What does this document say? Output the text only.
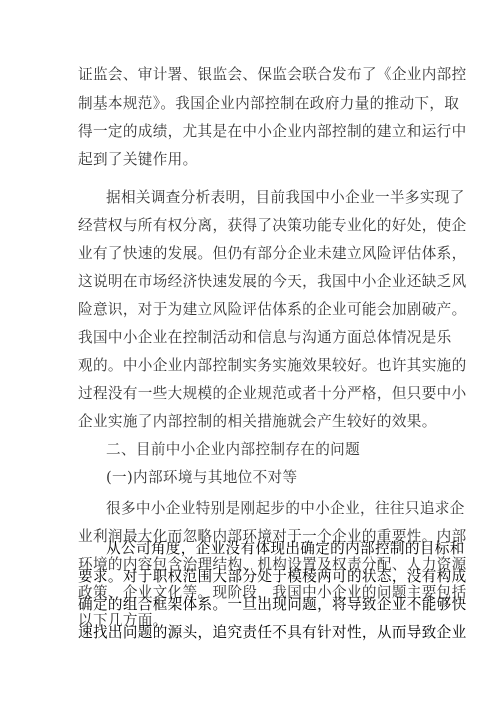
证监会、审计署、银监会、保监会联合发布了《企业内部控
制基本规范》。我国企业内部控制在政府力量的推动下，取
得一定的成绩，尤其是在中小企业内部控制的建立和运行中
起到了关键作用。
据相关调查分析表明，目前我国中小企业一半多实现了
经营权与所有权分离，获得了决策功能专业化的好处，使企
业有了快速的发展。但仍有部分企业未建立风险评估体系，
这说明在市场经济快速发展的今天，我国中小企业还缺乏风
险意识，对于为建立风险评估体系的企业可能会加剧破产。
我国中小企业在控制活动和信息与沟通方面总体情况是乐
观的。中小企业内部控制实务实施效果较好。也许其实施的
过程没有一些大规模的企业规范或者十分严格，但只要中小
企业实施了内部控制的相关措施就会产生较好的效果。
二、目前中小企业内部控制存在的问题
(一)内部环境与其地位不对等
很多中小企业特别是刚起步的中小企业，往往只追求企
业利润最大化而忽略内部环境对于一个企业的重要性。内部
环境的内容包含治理结构、机构设置及权责分配、人力资源
政策、企业文化等。现阶段，我国中小企业的问题主要包括
以下几方面。
从公司角度，企业没有体现出确定的内部控制的目标和
要求。对于职权范围大部分处于模棱两可的状态，没有构成
确定的组合框架体系。一旦出现问题，将导致企业不能够快
速找出问题的源头，追究责任不具有针对性，从而导致企业
